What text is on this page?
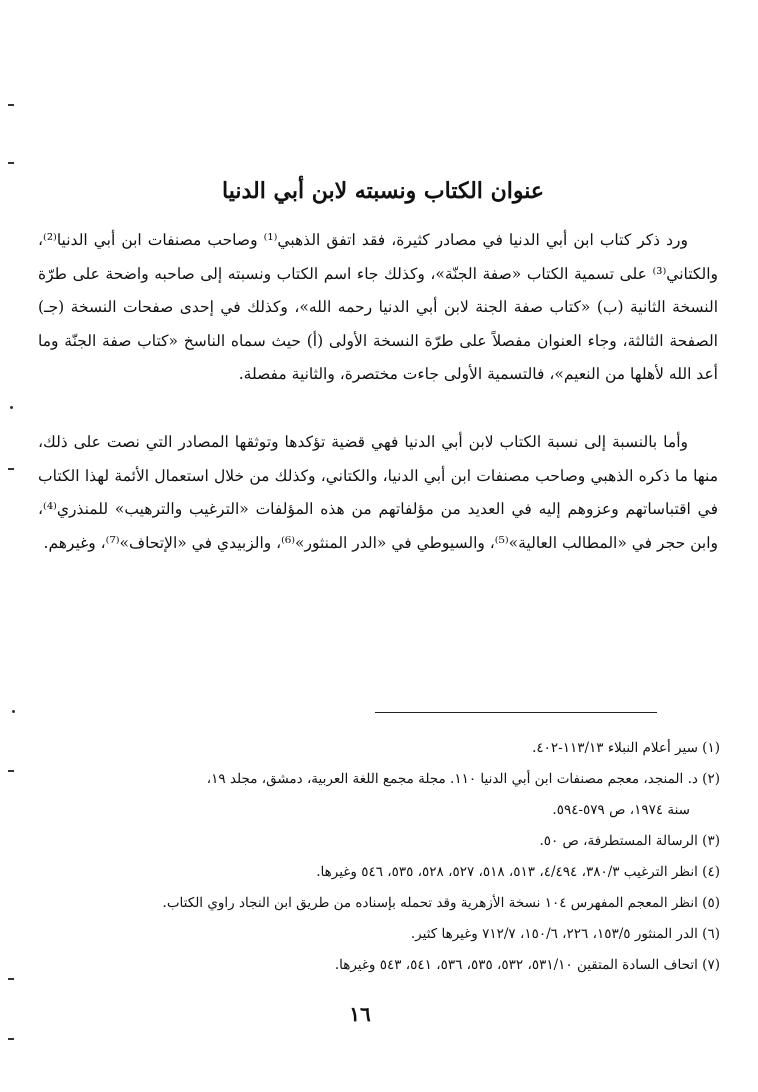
عنوان الكتاب ونسبته لابن أبي الدنيا

ورد ذكر كتاب ابن أبي الدنيا في مصادر كثيرة، فقد اتفق الذهبي⁽¹⁾ وصاحب مصنفات ابن أبي الدنيا⁽²⁾، والكتاني⁽³⁾ على تسمية الكتاب «صفة الجنّة»، وكذلك جاء اسم الكتاب ونسبته إلى صاحبه واضحة على طرّة النسخة الثانية (ب) «كتاب صفة الجنة لابن أبي الدنيا رحمه الله»، وكذلك في إحدى صفحات النسخة (جـ) الصفحة الثالثة، وجاء العنوان مفصلاً على طرّة النسخة الأولى (أ) حيث سماه الناسخ «كتاب صفة الجنّة وما أعد الله لأهلها من النعيم»، فالتسمية الأولى جاءت مختصرة، والثانية مفصلة.

وأما بالنسبة إلى نسبة الكتاب لابن أبي الدنيا فهي قضية تؤكدها وتوثقها المصادر التي نصت على ذلك، منها ما ذكره الذهبي وصاحب مصنفات ابن أبي الدنيا، والكتاني، وكذلك من خلال استعمال الأئمة لهذا الكتاب في اقتباساتهم وعزوهم إليه في العديد من مؤلفاتهم من هذه المؤلفات «الترغيب والترهيب» للمنذري⁽⁴⁾، وابن حجر في «المطالب العالية»⁽⁵⁾، والسيوطي في «الدر المنثور»⁽⁶⁾، والزبيدي في «الإتحاف»⁽⁷⁾، وغيرهم.

(١) سير أعلام النبلاء ١١٣/١٣-٤٠٢.

(٢) د. المنجد، معجم مصنفات ابن أبي الدنيا ١١٠. مجلة مجمع اللغة العربية، دمشق، مجلد ١٩،

سنة ١٩٧٤، ص ٥٧٩-٥٩٤.

(٣) الرسالة المستطرفة، ص ٥٠.

(٤) انظر الترغيب ٣٨٠/٣، ٤/٤٩٤، ٥١٣، ٥١٨، ٥٢٧، ٥٢٨، ٥٣٥، ٥٤٦ وغيرها.

(٥) انظر المعجم المفهرس ١٠٤ نسخة الأزهرية وقد تحمله بإسناده من طريق ابن النجاد راوي الكتاب.

(٦) الدر المنثور ١٥٣/٥، ٢٢٦، ١٥٠/٦، ٧١٢/٧ وغيرها كثير.

(٧) اتحاف السادة المتقين ٥٣١/١٠، ٥٣٢، ٥٣٥، ٥٣٦، ٥٤١، ٥٤٣ وغيرها.

١٦
